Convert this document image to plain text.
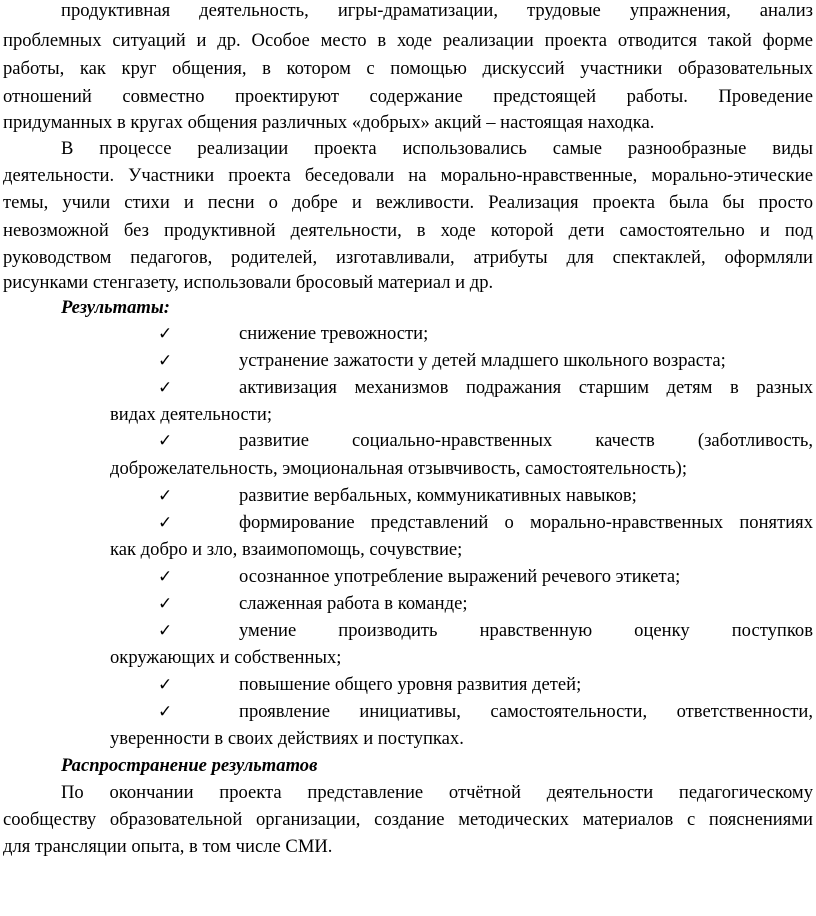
продуктивная деятельность, игры-драматизации, трудовые упражнения, анализ
проблемных ситуаций и др. Особое место в ходе реализации проекта отводится такой форме
работы, как круг общения, в котором с помощью дискуссий участники образовательных
отношений совместно проектируют содержание предстоящей работы. Проведение
придуманных в кругах общения различных «добрых» акций – настоящая находка.
В процессе реализации проекта использовались самые разнообразные виды
деятельности. Участники проекта беседовали на морально-нравственные, морально-этические
темы, учили стихи и песни о добре и вежливости. Реализация проекта была бы просто
невозможной без продуктивной деятельности, в ходе которой дети самостоятельно и под
руководством педагогов, родителей, изготавливали, атрибуты для спектаклей, оформляли
рисунками стенгазету, использовали бросовый материал и др.
Результаты:
✓	снижение тревожности;
✓	устранение зажатости у детей младшего школьного возраста;
✓	активизация механизмов подражания старшим детям в разных
видах деятельности;
✓	развитие социально-нравственных качеств (заботливость,
доброжелательность, эмоциональная отзывчивость, самостоятельность);
✓	развитие вербальных, коммуникативных навыков;
✓	формирование представлений о морально-нравственных понятиях
как добро и зло, взаимопомощь, сочувствие;
✓	осознанное употребление выражений речевого этикета;
✓	слаженная работа в команде;
✓	умение производить нравственную оценку поступков
окружающих и собственных;
✓	повышение общего уровня развития детей;
✓	проявление инициативы, самостоятельности, ответственности,
уверенности в своих действиях и поступках.
Распространение результатов
По окончании проекта представление отчётной деятельности педагогическому
сообществу образовательной организации, создание методических материалов с пояснениями
для трансляции опыта, в том числе СМИ.
